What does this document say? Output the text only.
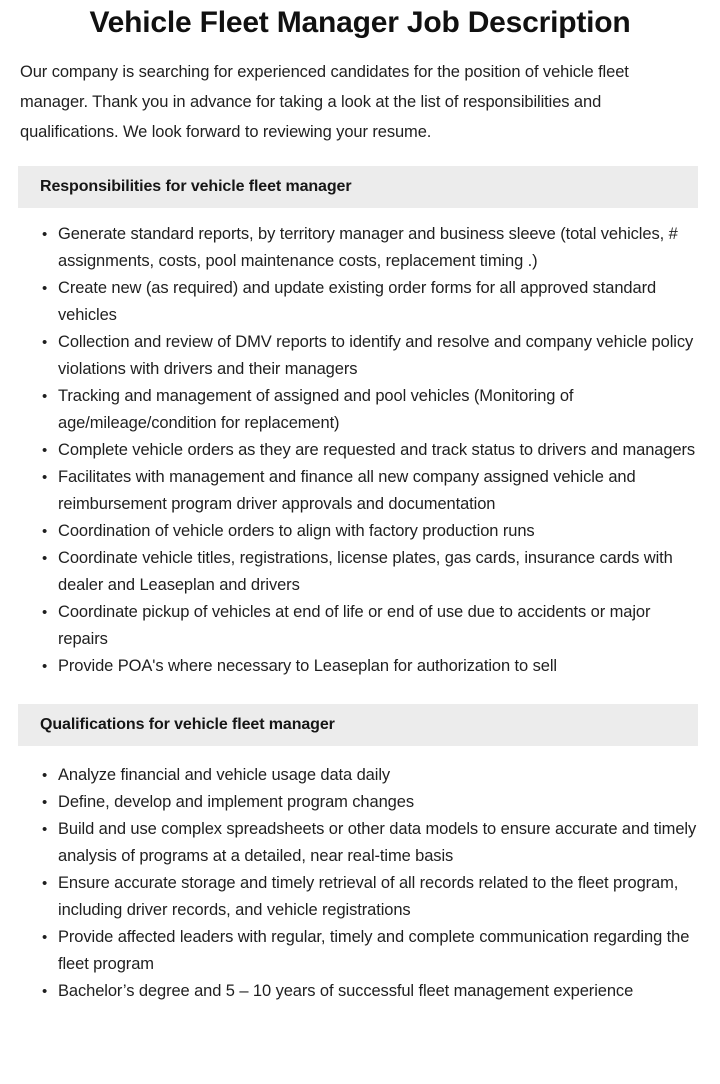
Vehicle Fleet Manager Job Description

Our company is searching for experienced candidates for the position of vehicle fleet manager. Thank you in advance for taking a look at the list of responsibilities and qualifications. We look forward to reviewing your resume.

Responsibilities for vehicle fleet manager
• Generate standard reports, by territory manager and business sleeve (total vehicles, # assignments, costs, pool maintenance costs, replacement timing .)
• Create new (as required) and update existing order forms for all approved standard vehicles
• Collection and review of DMV reports to identify and resolve and company vehicle policy violations with drivers and their managers
• Tracking and management of assigned and pool vehicles (Monitoring of age/mileage/condition for replacement)
• Complete vehicle orders as they are requested and track status to drivers and managers
• Facilitates with management and finance all new company assigned vehicle and reimbursement program driver approvals and documentation
• Coordination of vehicle orders to align with factory production runs
• Coordinate vehicle titles, registrations, license plates, gas cards, insurance cards with dealer and Leaseplan and drivers
• Coordinate pickup of vehicles at end of life or end of use due to accidents or major repairs
• Provide POA's where necessary to Leaseplan for authorization to sell
Qualifications for vehicle fleet manager
• Analyze financial and vehicle usage data daily
• Define, develop and implement program changes
• Build and use complex spreadsheets or other data models to ensure accurate and timely analysis of programs at a detailed, near real-time basis
• Ensure accurate storage and timely retrieval of all records related to the fleet program, including driver records, and vehicle registrations
• Provide affected leaders with regular, timely and complete communication regarding the fleet program
• Bachelor’s degree and 5 – 10 years of successful fleet management experience
